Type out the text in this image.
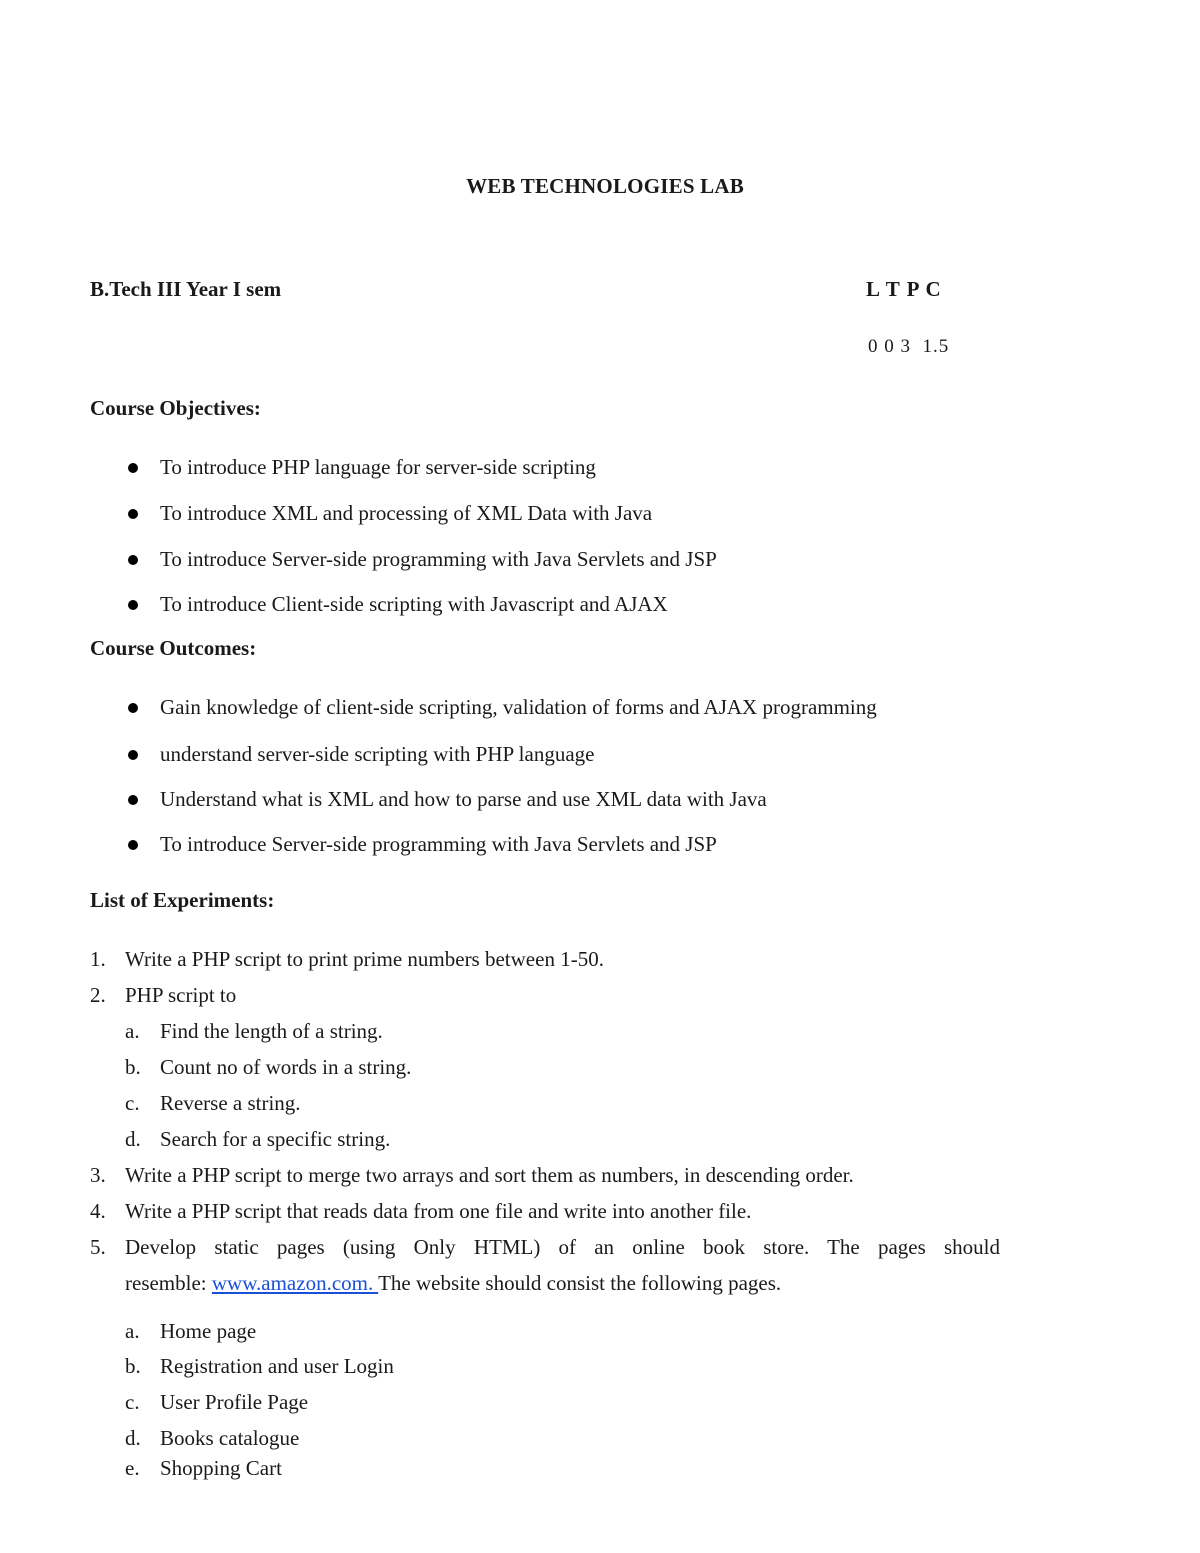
WEB TECHNOLOGIES LAB
B.Tech III Year I sem	L T P C
0 0 3  1.5
Course Objectives:
To introduce PHP language for server-side scripting
To introduce XML and processing of XML Data with Java
To introduce Server-side programming with Java Servlets and JSP
To introduce Client-side scripting with Javascript and AJAX
Course Outcomes:
Gain knowledge of client-side scripting, validation of forms and AJAX programming
understand server-side scripting with PHP language
Understand what is XML and how to parse and use XML data with Java
To introduce Server-side programming with Java Servlets and JSP
List of Experiments:
1. Write a PHP script to print prime numbers between 1-50.
2. PHP script to
a. Find the length of a string.
b. Count no of words in a string.
c. Reverse a string.
d. Search for a specific string.
3. Write a PHP script to merge two arrays and sort them as numbers, in descending order.
4. Write a PHP script that reads data from one file and write into another file.
5. Develop static pages (using Only HTML) of an online book store. The pages should
resemble: www.amazon.com. The website should consist the following pages.
a. Home page
b. Registration and user Login
c. User Profile Page
d. Books catalogue
e. Shopping Cart
